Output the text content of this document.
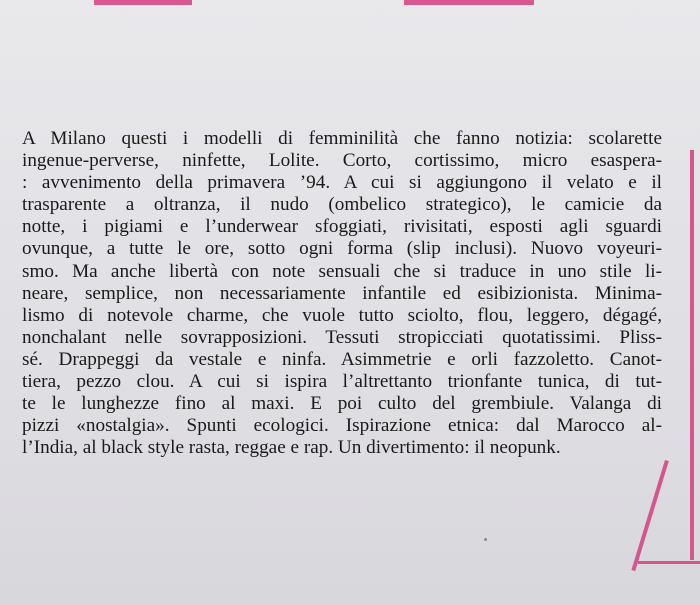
A Milano questi i modelli di femminilità che fanno notizia: scolarette
ingenue-perverse, ninfette, Lolite. Corto, cortissimo, micro esaspera-
: avvenimento della primavera ’94. A cui si aggiungono il velato e il
trasparente a oltranza, il nudo (ombelico strategico), le camicie da
notte, i pigiami e l’underwear sfoggiati, rivisitati, esposti agli sguardi
ovunque, a tutte le ore, sotto ogni forma (slip inclusi). Nuovo voyeuri-
smo. Ma anche libertà con note sensuali che si traduce in uno stile li-
neare, semplice, non necessariamente infantile ed esibizionista. Minima-
lismo di notevole charme, che vuole tutto sciolto, flou, leggero, dégagé,
nonchalant nelle sovrapposizioni. Tessuti stropicciati quotatissimi. Pliss-
sé. Drappeggi da vestale e ninfa. Asimmetrie e orli fazzoletto. Canot-
tiera, pezzo clou. A cui si ispira l’altrettanto trionfante tunica, di tut-
te le lunghezze fino al maxi. E poi culto del grembiule. Valanga di
pizzi «nostalgia». Spunti ecologici. Ispirazione etnica: dal Marocco al-
l’India, al black style rasta, reggae e rap. Un divertimento: il neopunk.
